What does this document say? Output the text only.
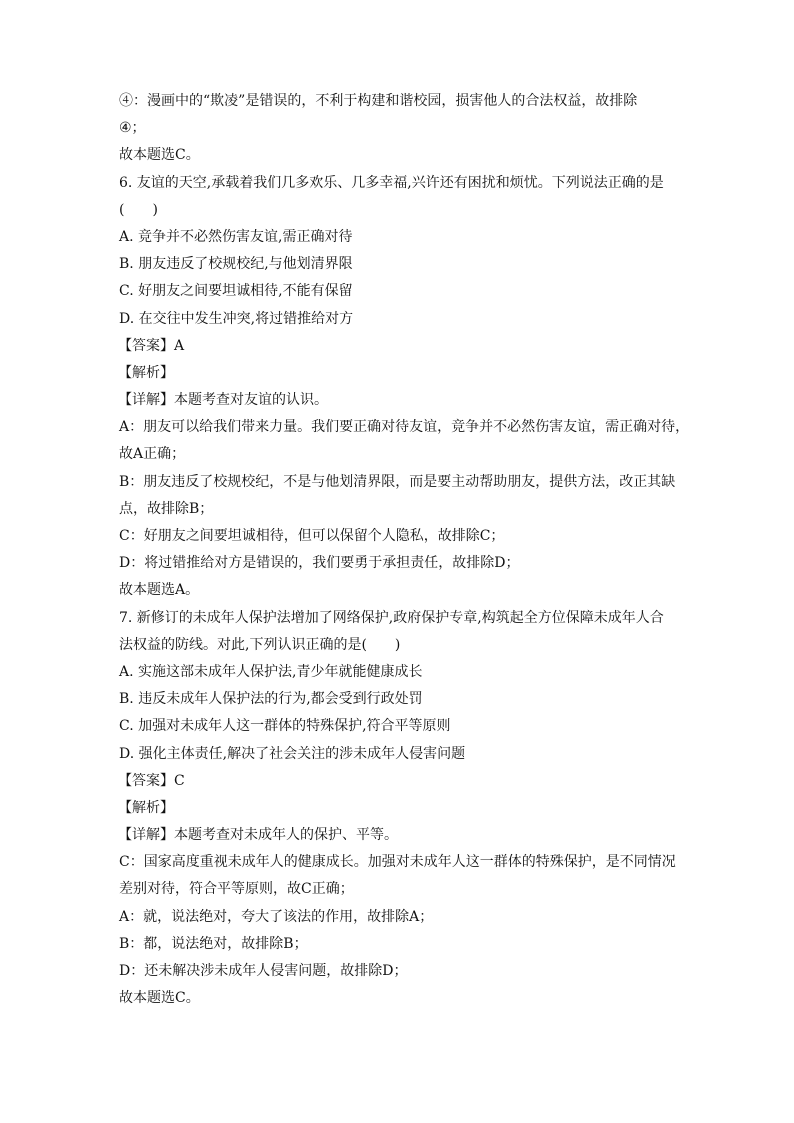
④：漫画中的“欺凌”是错误的，不利于构建和谐校园，损害他人的合法权益，故排除
④；
故本题选C。
6. 友谊的天空,承载着我们几多欢乐、几多幸福,兴许还有困扰和烦忧。下列说法正确的是
(　　)
A. 竞争并不必然伤害友谊,需正确对待
B. 朋友违反了校规校纪,与他划清界限
C. 好朋友之间要坦诚相待,不能有保留
D. 在交往中发生冲突,将过错推给对方
【答案】A
【解析】
【详解】本题考查对友谊的认识。
A：朋友可以给我们带来力量。我们要正确对待友谊，竞争并不必然伤害友谊，需正确对待，
故A正确；
B：朋友违反了校规校纪，不是与他划清界限，而是要主动帮助朋友，提供方法，改正其缺
点，故排除B；
C：好朋友之间要坦诚相待，但可以保留个人隐私，故排除C；
D：将过错推给对方是错误的，我们要勇于承担责任，故排除D；
故本题选A。
7. 新修订的未成年人保护法增加了网络保护,政府保护专章,构筑起全方位保障未成年人合
法权益的防线。对此,下列认识正确的是(　　)
A. 实施这部未成年人保护法,青少年就能健康成长
B. 违反未成年人保护法的行为,都会受到行政处罚
C. 加强对未成年人这一群体的特殊保护,符合平等原则
D. 强化主体责任,解决了社会关注的涉未成年人侵害问题
【答案】C
【解析】
【详解】本题考查对未成年人的保护、平等。
C：国家高度重视未成年人的健康成长。加强对未成年人这一群体的特殊保护，是不同情况
差别对待，符合平等原则，故C正确；
A：就，说法绝对，夸大了该法的作用，故排除A；
B：都，说法绝对，故排除B；
D：还未解决涉未成年人侵害问题，故排除D；
故本题选C。
